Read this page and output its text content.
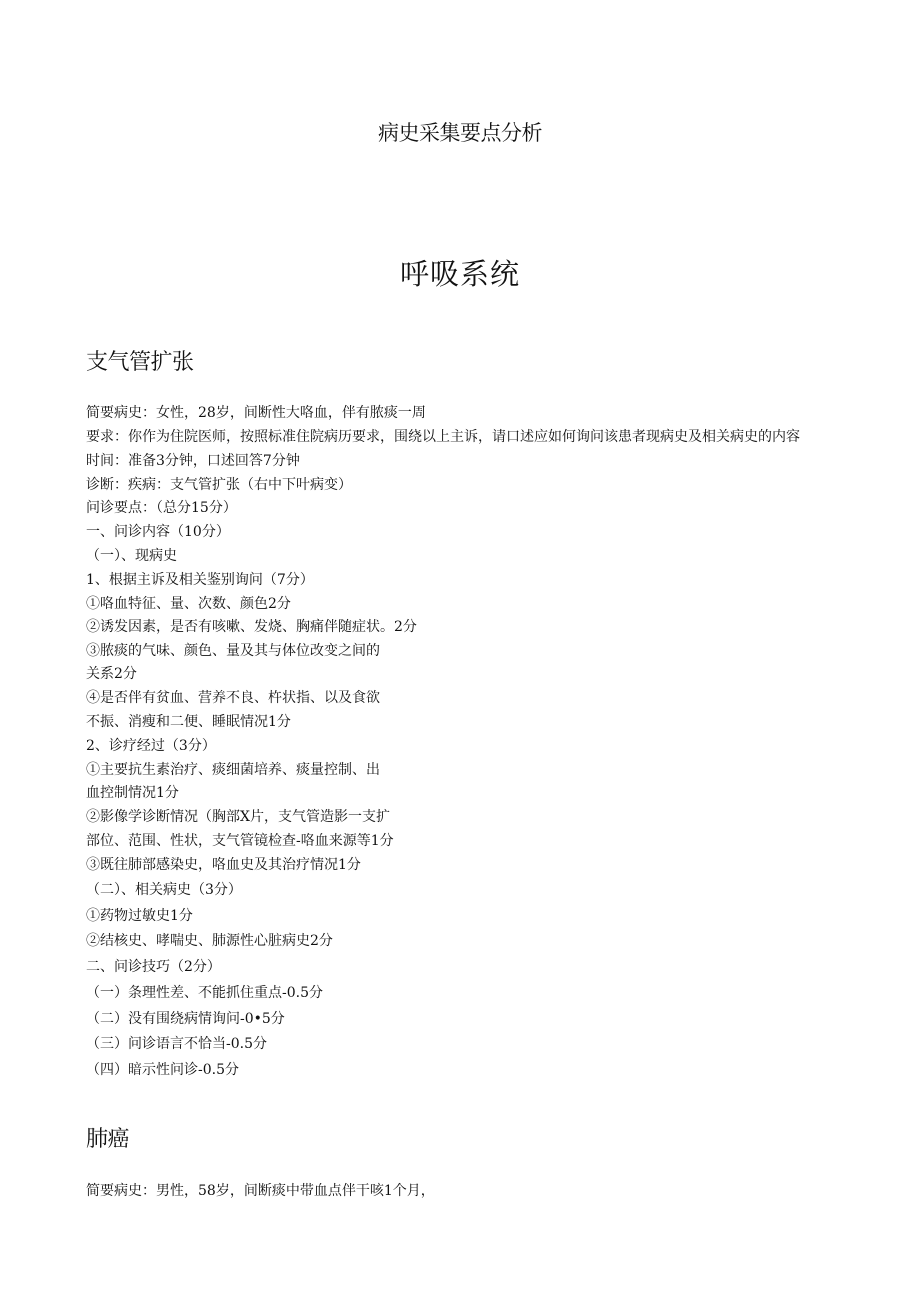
病史采集要点分析
呼吸系统
支气管扩张
简要病史：女性，28岁，间断性大咯血，伴有脓痰一周
要求：你作为住院医师，按照标准住院病历要求，围绕以上主诉，请口述应如何询问该患者现病史及相关病史的内容
时间：准备3分钟，口述回答7分钟
诊断：疾病：支气管扩张（右中下叶病变）
问诊要点：（总分15分）
一、问诊内容（10分）
（一）、现病史
1、根据主诉及相关鉴别询问（7分）
①咯血特征、量、次数、颜色2分
②诱发因素，是否有咳嗽、发烧、胸痛伴随症状。2分
③脓痰的气味、颜色、量及其与体位改变之间的
关系2分
④是否伴有贫血、营养不良、杵状指、以及食欲
不振、消瘦和二便、睡眠情况1分
2、诊疗经过（3分）
①主要抗生素治疗、痰细菌培养、痰量控制、出
血控制情况1分
②影像学诊断情况（胸部X片，支气管造影一支扩
部位、范围、性状，支气管镜检查-咯血来源等1分
③既往肺部感染史，咯血史及其治疗情况1分
（二）、相关病史（3分）
①药物过敏史1分
②结核史、哮喘史、肺源性心脏病史2分
二、问诊技巧（2分）
（一）条理性差、不能抓住重点-0.5分
（二）没有围绕病情询问-0•5分
（三）问诊语言不恰当-0.5分
（四）暗示性问诊-0.5分
肺癌
简要病史：男性，58岁，间断痰中带血点伴干咳1个月，
